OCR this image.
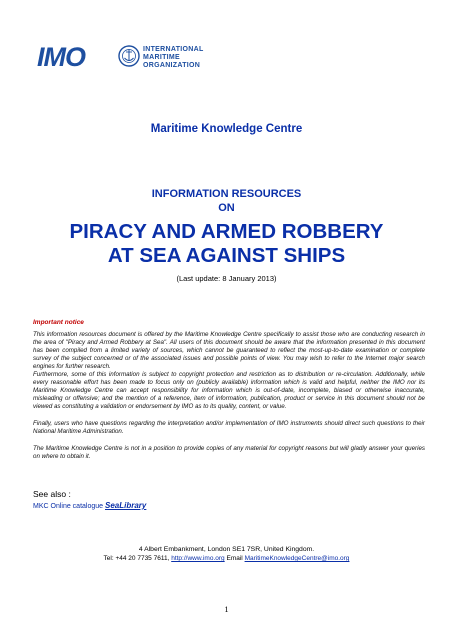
IMO	INTERNATIONAL
MARITIME
ORGANIZATION
Maritime Knowledge Centre
INFORMATION RESOURCES
ON
PIRACY AND ARMED ROBBERY
AT SEA AGAINST SHIPS
(Last update: 8 January 2013)
Important notice
This information resources document is offered by the Maritime Knowledge Centre specifically to assist those who are conducting research in the area of "Piracy and Armed Robbery at Sea". All users of this document should be aware that the information presented in this document has been compiled from a limited variety of sources, which cannot be guaranteed to reflect the most-up-to-date examination or complete survey of the subject concerned or of the associated issues and possible points of view. You may wish to refer to the Internet major search engines for further research.
Furthermore, some of this information is subject to copyright protection and restriction as to distribution or re-circulation. Additionally, while every reasonable effort has been made to focus only on (publicly available) information which is valid and helpful, neither the IMO nor its Maritime Knowledge Centre can accept responsibility for information which is out-of-date, incomplete, biased or otherwise inaccurate, misleading or offensive; and the mention of a reference, item of information, publication, product or service in this document should not be viewed as constituting a validation or endorsement by IMO as to its quality, content, or value.
Finally, users who have questions regarding the interpretation and/or implementation of IMO instruments should direct such questions to their National Maritime Administration.
The Maritime Knowledge Centre is not in a position to provide copies of any material for copyright reasons but will gladly answer your queries on where to obtain it.
See also :
MKC Online catalogue SeaLibrary
4 Albert Embankment, London SE1 7SR, United Kingdom.
Tel: +44 20 7735 7611, http://www.imo.org Email MaritimeKnowledgeCentre@imo.org
1
